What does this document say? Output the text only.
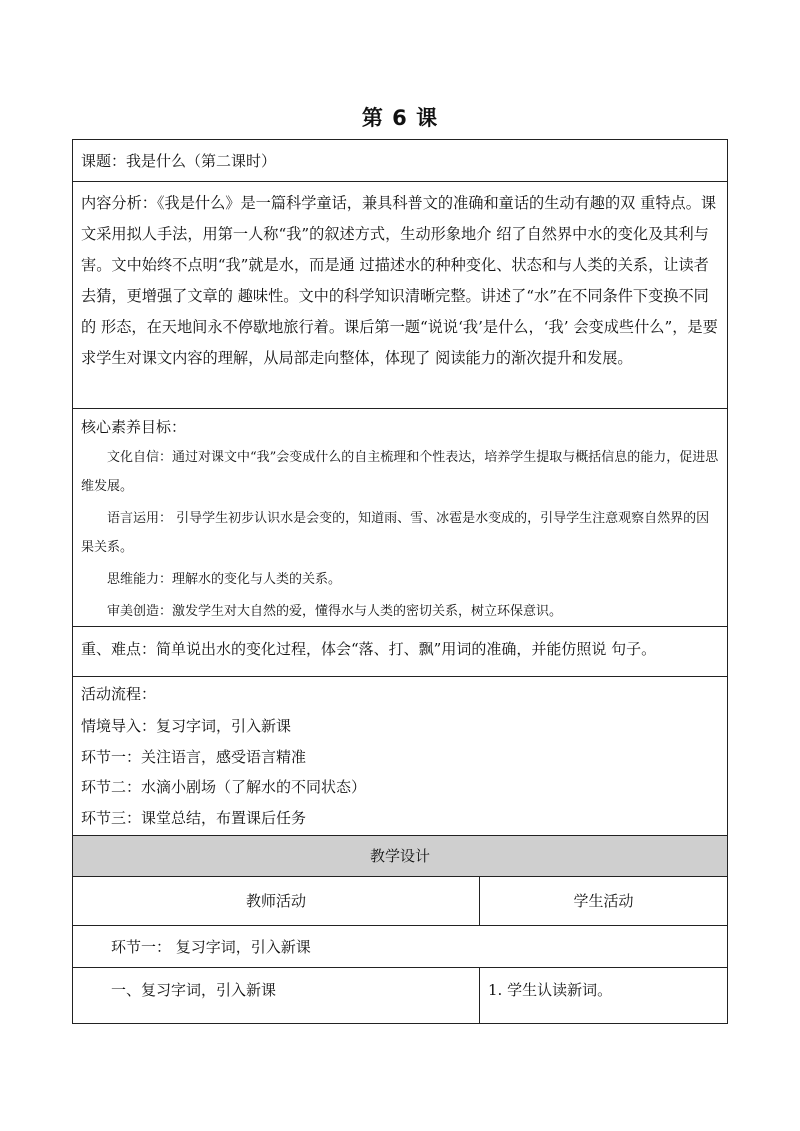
第 6 课
课题：我是什么（第二课时）

内容分析：《我是什么》是一篇科学童话，兼具科普文的准确和童话的生动有趣的双 重特点。课文采用拟人手法，用第一人称“我”的叙述方式，生动形象地介 绍了自然界中水的变化及其利与害。文中始终不点明“我”就是水，而是通 过描述水的种种变化、状态和与人类的关系，让读者去猜，更增强了文章的 趣味性。文中的科学知识清晰完整。讲述了“水”在不同条件下变换不同的 形态，在天地间永不停歇地旅行着。课后第一题“说说‘我’是什么，‘我’ 会变成些什么”，是要求学生对课文内容的理解，从局部走向整体，体现了 阅读能力的渐次提升和发展。

核心素养目标：

文化自信：通过对课文中“我”会变成什么的自主梳理和个性表达，培养学生提取与概括信息的能力，促进思维发展。

语言运用： 引导学生初步认识水是会变的，知道雨、雪、冰雹是水变成的，引导学生注意观察自然界的因果关系。

思维能力：理解水的变化与人类的关系。

审美创造：激发学生对大自然的爱，懂得水与人类的密切关系，树立环保意识。

重、难点：简单说出水的变化过程，体会“落、打、飘”用词的准确，并能仿照说 句子。
活动流程：
情境导入：复习字词，引入新课
环节一：关注语言，感受语言精准
环节二：水滴小剧场（了解水的不同状态）
环节三：课堂总结，布置课后任务
教学设计
教师活动	学生活动
环节一： 复习字词，引入新课
一、复习字词，引入新课	1. 学生认读新词。
